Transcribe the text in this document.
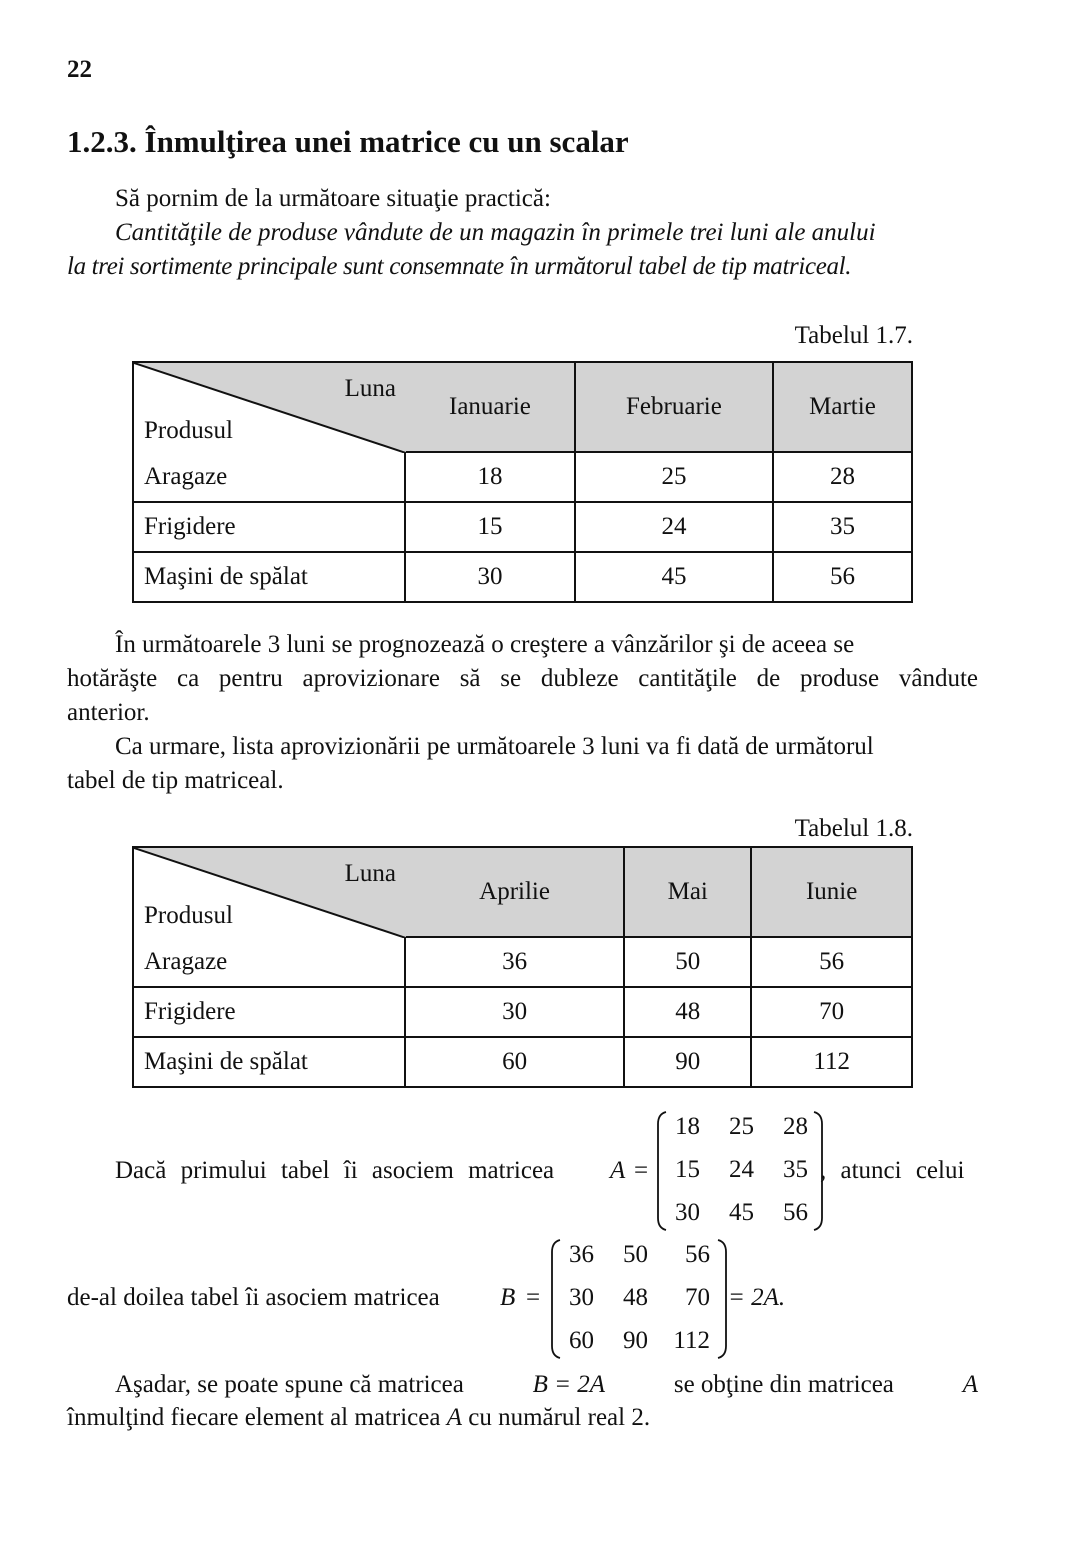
22
1.2.3. Înmulţirea unei matrice cu un scalar
Să pornim de la următoare situaţie practică:
Cantităţile de produse vândute de un magazin în primele trei luni ale anului
la trei sortimente principale sunt consemnate în următorul tabel de tip matriceal.
Tabelul 1.7.
Luna
Produsul	Ianuarie	Februarie	Martie
Aragaze	18	25	28
Frigidere	15	24	35
Maşini de spălat	30	45	56
În următoarele 3 luni se prognozează o creştere a vânzărilor şi de aceea se
hotărăşte ca pentru aprovizionare să se dubleze cantităţile de produse vândute
anterior.
Ca urmare, lista aprovizionării pe următoarele 3 luni va fi dată de următorul
tabel de tip matriceal.
Tabelul 1.8.
Luna
Produsul	Aprilie	Mai	Iunie
Aragaze	36	50	56
Frigidere	30	48	70
Maşini de spălat	60	90	112
Dacă primului tabel îi asociem matricea A =
18	25	28
15	24	35
30	45	56
, atunci celui
de-al doilea tabel îi asociem matricea B =
36	50	56
30	48	70
60	90	112
= 2A.
Aşadar, se poate spune că matricea	B = 2A	se obţine din matricea	A
înmulţind fiecare element al matricea A cu numărul real 2.
